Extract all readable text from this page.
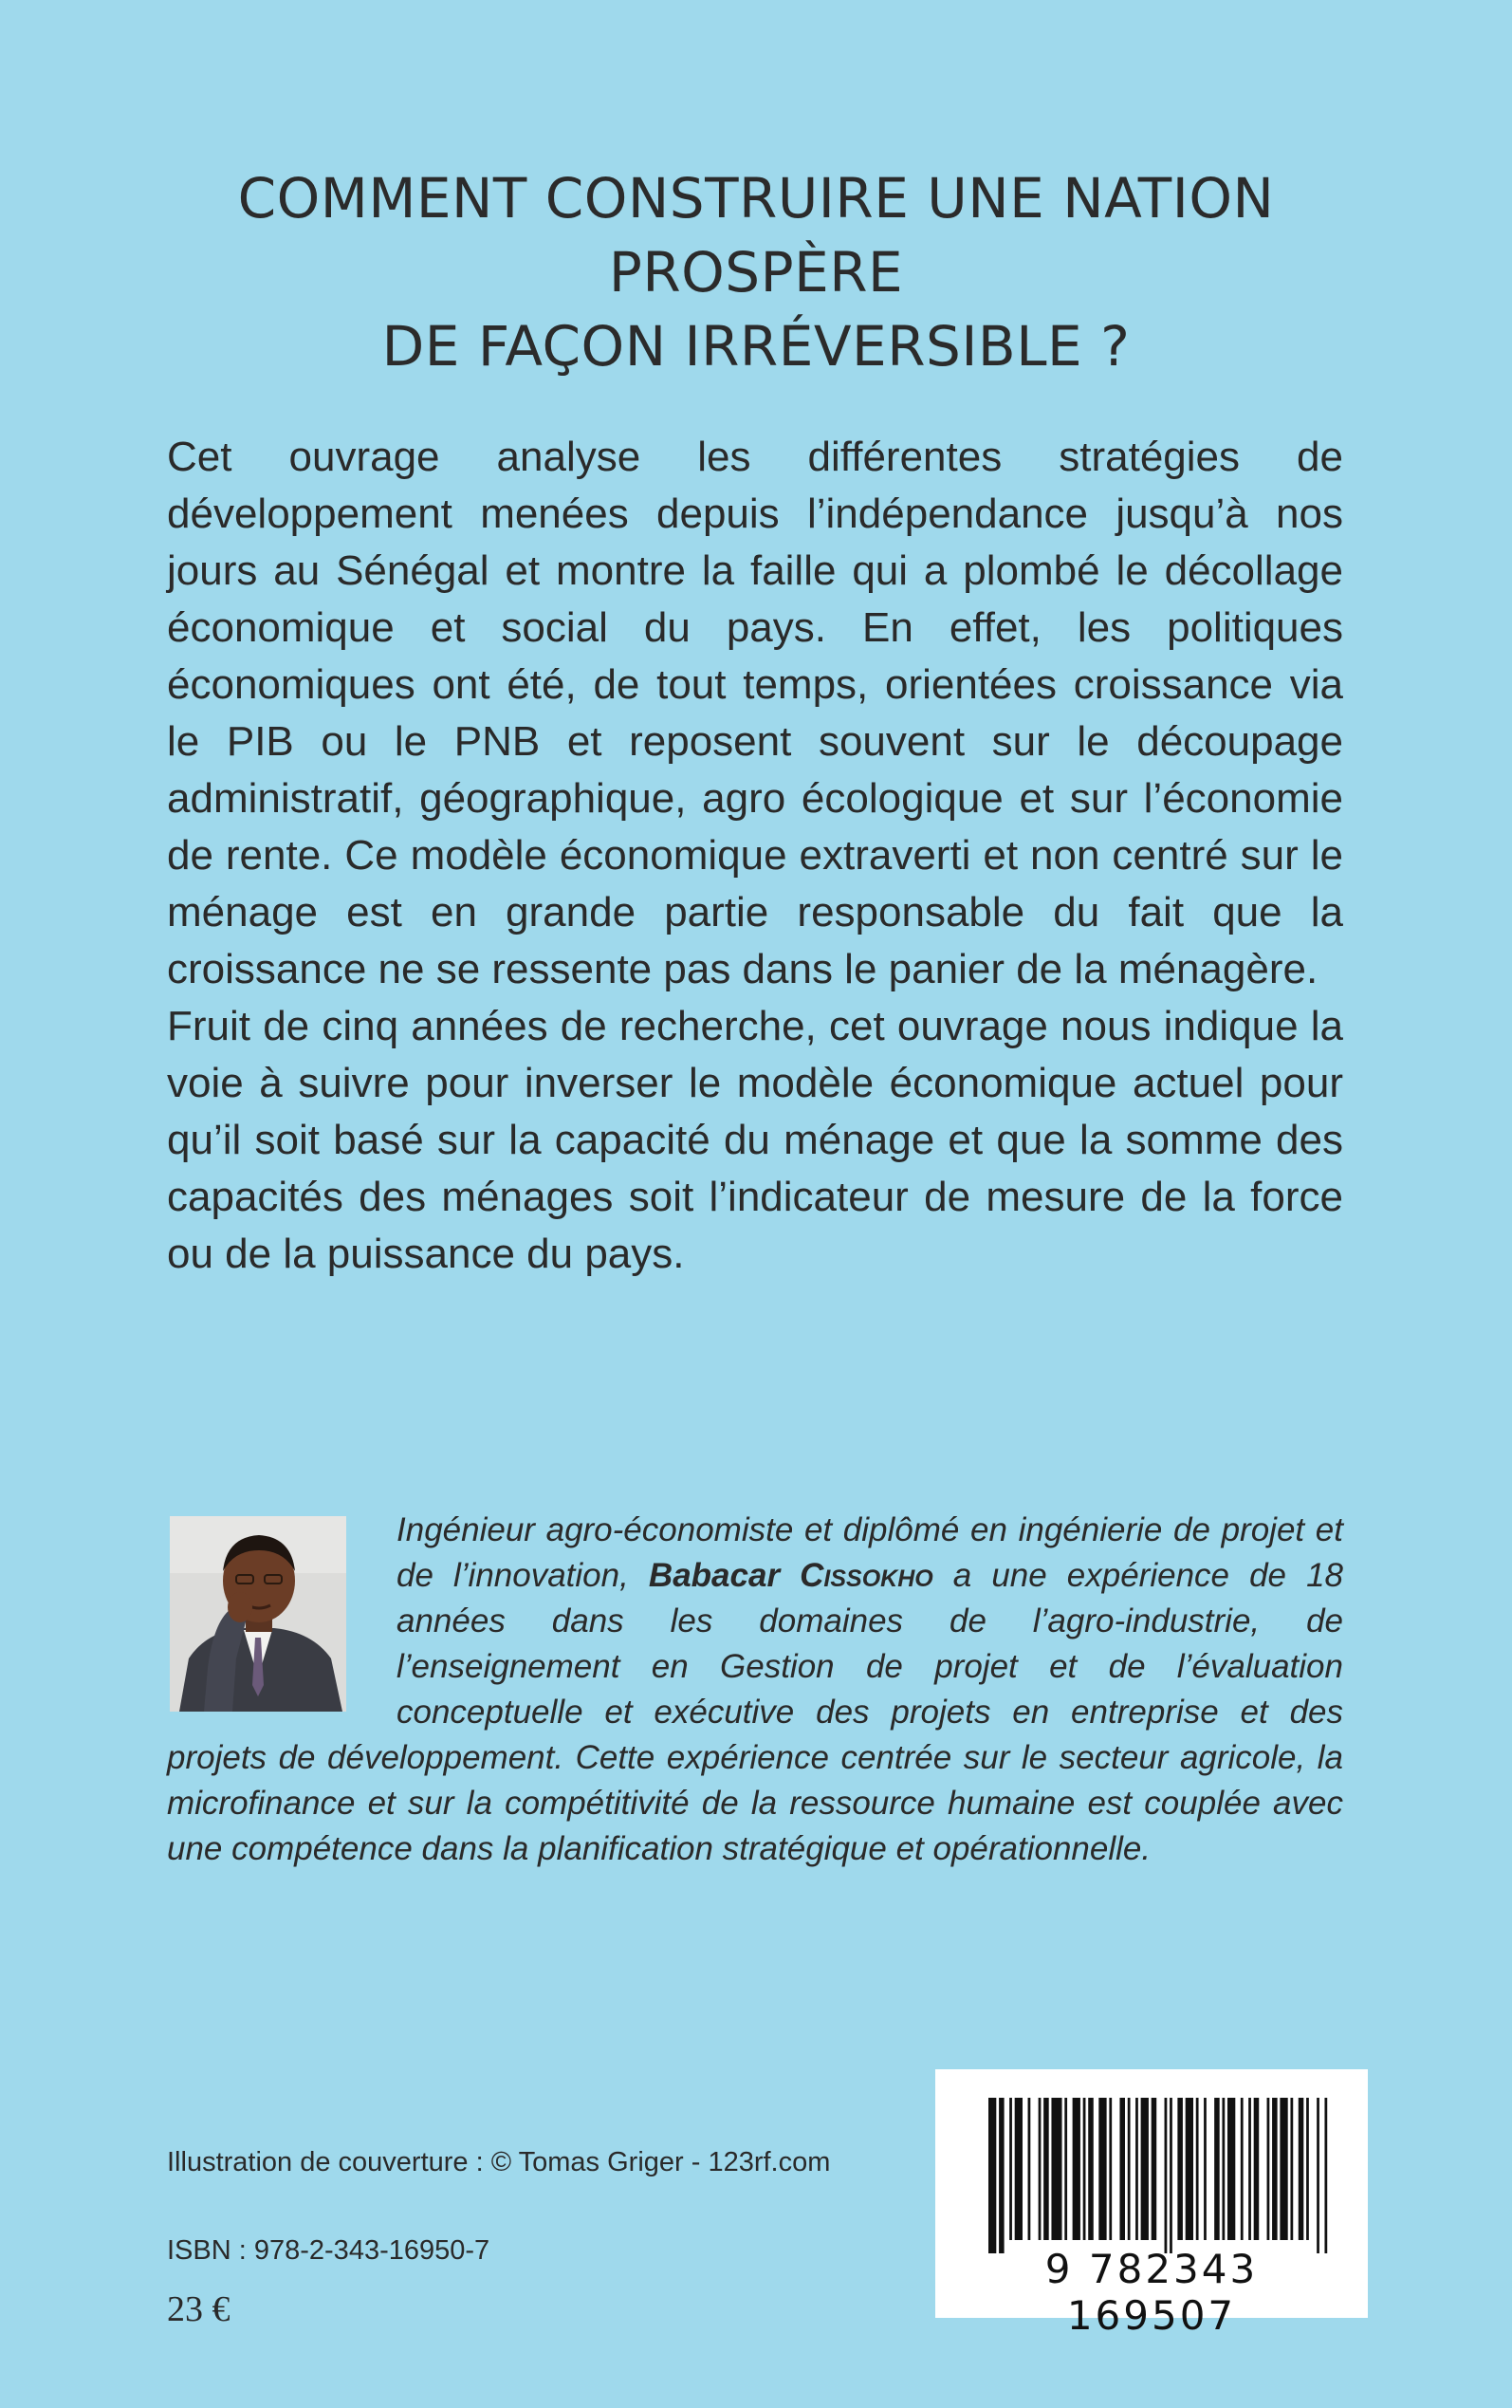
COMMENT CONSTRUIRE UNE NATION PROSPÈRE
DE FAÇON IRRÉVERSIBLE ?

Cet ouvrage analyse les différentes stratégies de développement menées depuis l’indépendance jusqu’à nos jours au Sénégal et montre la faille qui a plombé le décollage économique et social du pays. En effet, les politiques économiques ont été, de tout temps, orientées croissance via le PIB ou le PNB et reposent souvent sur le découpage administratif, géographique, agro écologique et sur l’économie de rente. Ce modèle économique extraverti et non centré sur le ménage est en grande partie responsable du fait que la croissance ne se ressente pas dans le panier de la ménagère.

Fruit de cinq années de recherche, cet ouvrage nous indique la voie à suivre pour inverser le modèle économique actuel pour qu’il soit basé sur la capacité du ménage et que la somme des capacités des ménages soit l’indicateur de mesure de la force ou de la puissance du pays.

Ingénieur agro-économiste et diplômé en ingénierie de projet et de l’innovation, Babacar Cissokho a une expérience de 18 années dans les domaines de l’agro-industrie, de l’enseignement en Gestion de projet et de l’évaluation conceptuelle et exécutive des projets en entreprise et des projets de développement. Cette expérience centrée sur le secteur agricole, la microfinance et sur la compétitivité de la ressource humaine est couplée avec une compétence dans la planification stratégique et opérationnelle.

Illustration de couverture : © Tomas Griger - 123rf.com
ISBN : 978-2-343-16950-7
23 €
9 782343 169507
